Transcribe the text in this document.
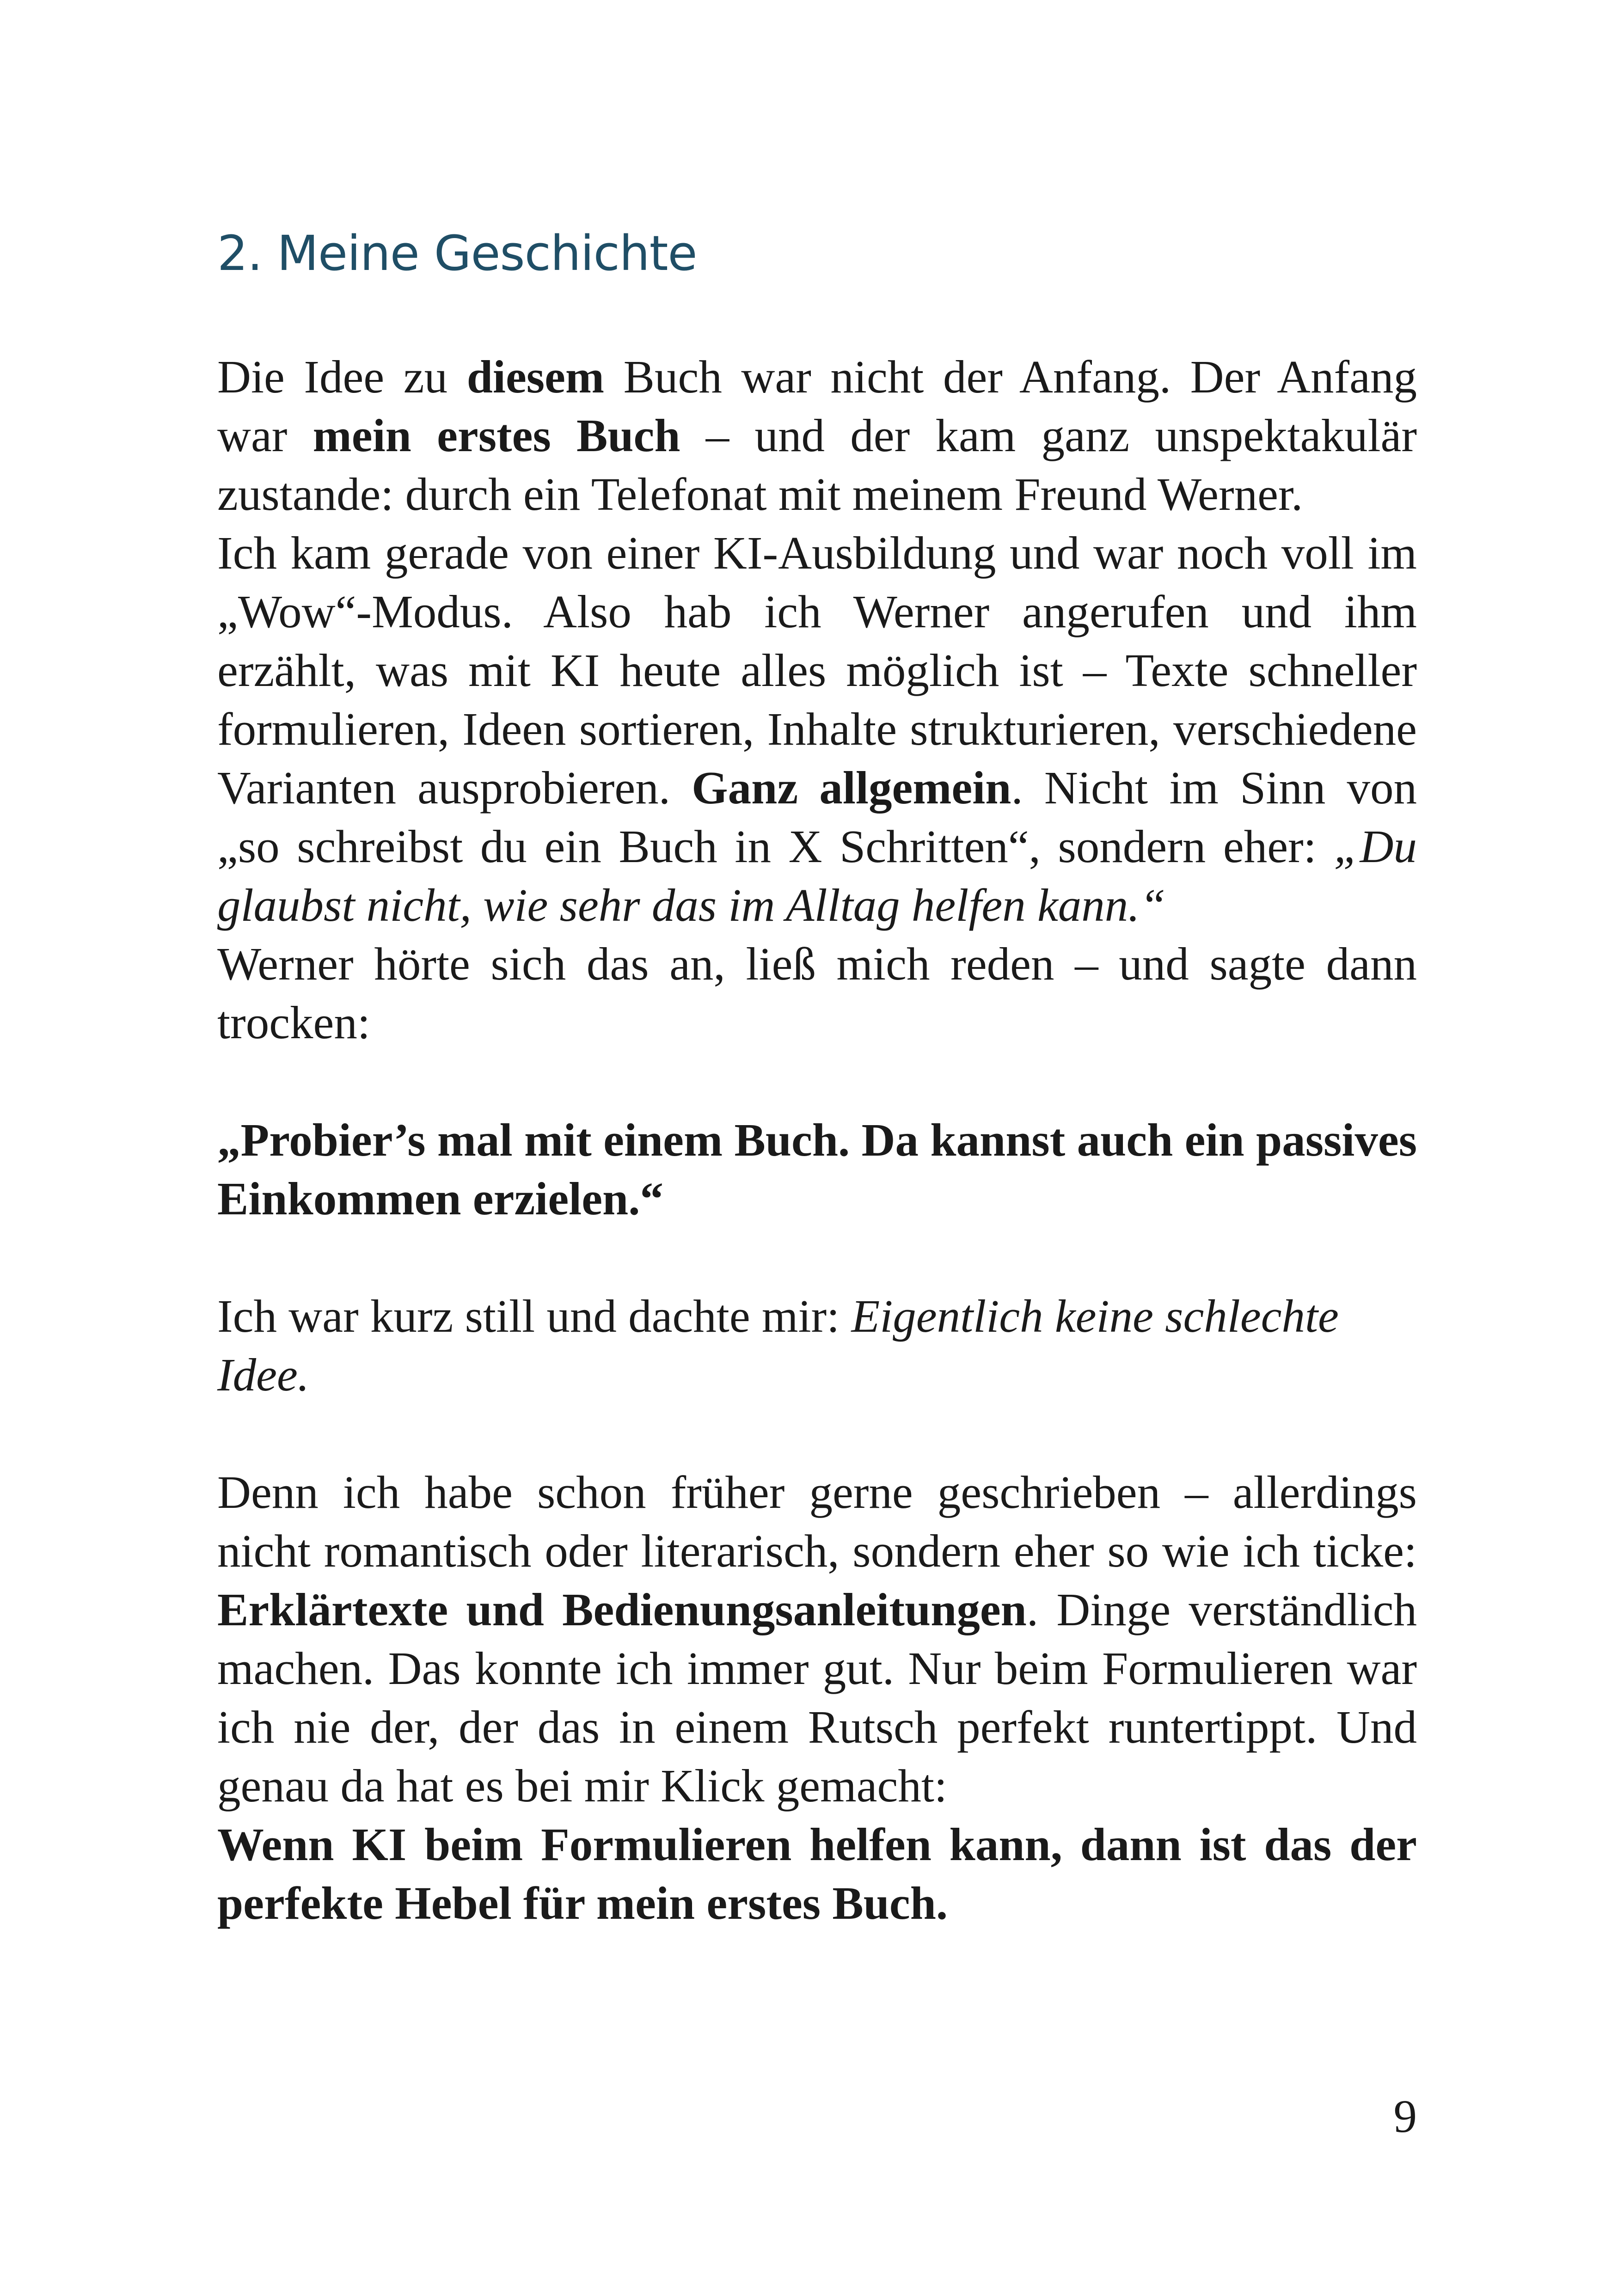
2. Meine Geschichte

Die Idee zu diesem Buch war nicht der Anfang. Der Anfang war mein erstes Buch – und der kam ganz unspektakulär zustande: durch ein Telefonat mit meinem Freund Werner.

Ich kam gerade von einer KI-Ausbildung und war noch voll im „Wow“-Modus. Also hab ich Werner angerufen und ihm erzählt, was mit KI heute alles möglich ist – Texte schneller formulieren, Ideen sortieren, Inhalte strukturieren, verschiedene Varianten ausprobieren. Ganz allgemein. Nicht im Sinn von „so schreibst du ein Buch in X Schritten“, sondern eher: „Du glaubst nicht, wie sehr das im Alltag helfen kann.“

Werner hörte sich das an, ließ mich reden – und sagte dann trocken:

„Probier’s mal mit einem Buch. Da kannst auch ein passives Einkommen erzielen.“

Ich war kurz still und dachte mir: Eigentlich keine schlechte Idee.

Denn ich habe schon früher gerne geschrieben – allerdings nicht romantisch oder literarisch, sondern eher so wie ich ticke: Erklärtexte und Bedienungsanleitungen. Dinge verständlich machen. Das konnte ich immer gut. Nur beim Formulieren war ich nie der, der das in einem Rutsch perfekt runtertippt. Und genau da hat es bei mir Klick gemacht:

Wenn KI beim Formulieren helfen kann, dann ist das der perfekte Hebel für mein erstes Buch.

9
